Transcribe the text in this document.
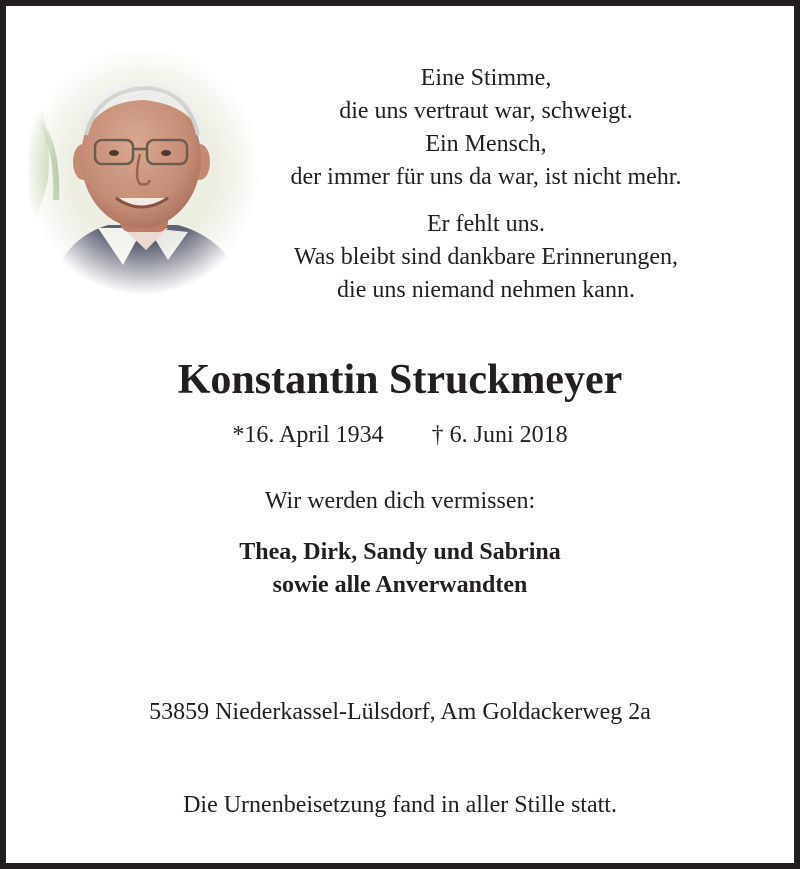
Eine Stimme,
die uns vertraut war, schweigt.
Ein Mensch,
der immer für uns da war, ist nicht mehr.
Er fehlt uns.
Was bleibt sind dankbare Erinnerungen,
die uns niemand nehmen kann.
Konstantin Struckmeyer
*16. April 1934 † 6. Juni 2018
Wir werden dich vermissen:
Thea, Dirk, Sandy und Sabrina
sowie alle Anverwandten
53859 Niederkassel-Lülsdorf, Am Goldackerweg 2a
Die Urnenbeisetzung fand in aller Stille statt.
